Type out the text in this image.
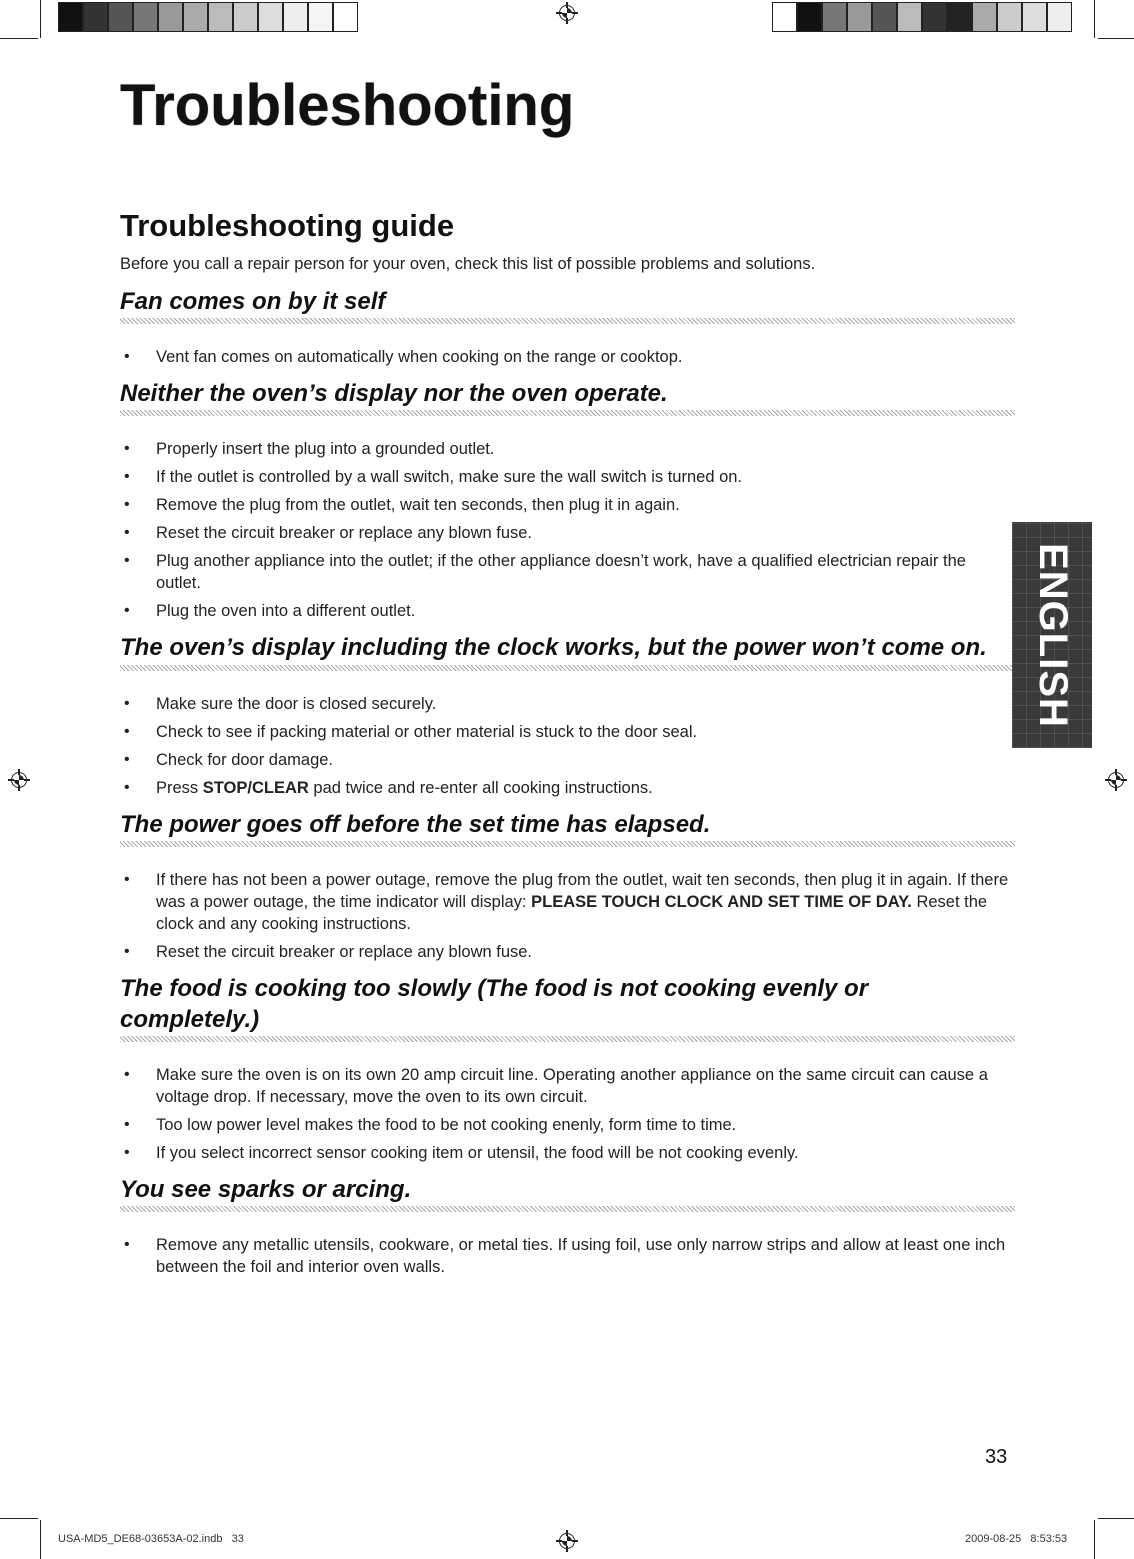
Troubleshooting
Troubleshooting guide

Before you call a repair person for your oven, check this list of possible problems and solutions.

Fan comes on by it self
• Vent fan comes on automatically when cooking on the range or cooktop.
Neither the oven’s display nor the oven operate.
• Properly insert the plug into a grounded outlet.
• If the outlet is controlled by a wall switch, make sure the wall switch is turned on.
• Remove the plug from the outlet, wait ten seconds, then plug it in again.
• Reset the circuit breaker or replace any blown fuse.
• Plug another appliance into the outlet; if the other appliance doesn’t work, have a qualified electrician repair the outlet.
• Plug the oven into a different outlet.
The oven’s display including the clock works, but the power won’t come on.
• Make sure the door is closed securely.
• Check to see if packing material or other material is stuck to the door seal.
• Check for door damage.
• Press STOP/CLEAR pad twice and re-enter all cooking instructions.
The power goes off before the set time has elapsed.
• If there has not been a power outage, remove the plug from the outlet, wait ten seconds, then plug it in again. If there was a power outage, the time indicator will display: PLEASE TOUCH CLOCK AND SET TIME OF DAY. Reset the clock and any cooking instructions.
• Reset the circuit breaker or replace any blown fuse.
The food is cooking too slowly (The food is not cooking evenly or completely.)
• Make sure the oven is on its own 20 amp circuit line. Operating another appliance on the same circuit can cause a voltage drop. If necessary, move the oven to its own circuit.
• Too low power level makes the food to be not cooking enenly, form time to time.
• If you select incorrect sensor cooking item or utensil, the food will be not cooking evenly.
You see sparks or arcing.
• Remove any metallic utensils, cookware, or metal ties. If using foil, use only narrow strips and allow at least one inch between the foil and interior oven walls.
ENGLISH
33
USA-MD5_DE68-03653A-02.indb   33	2009-08-25   8:53:53
